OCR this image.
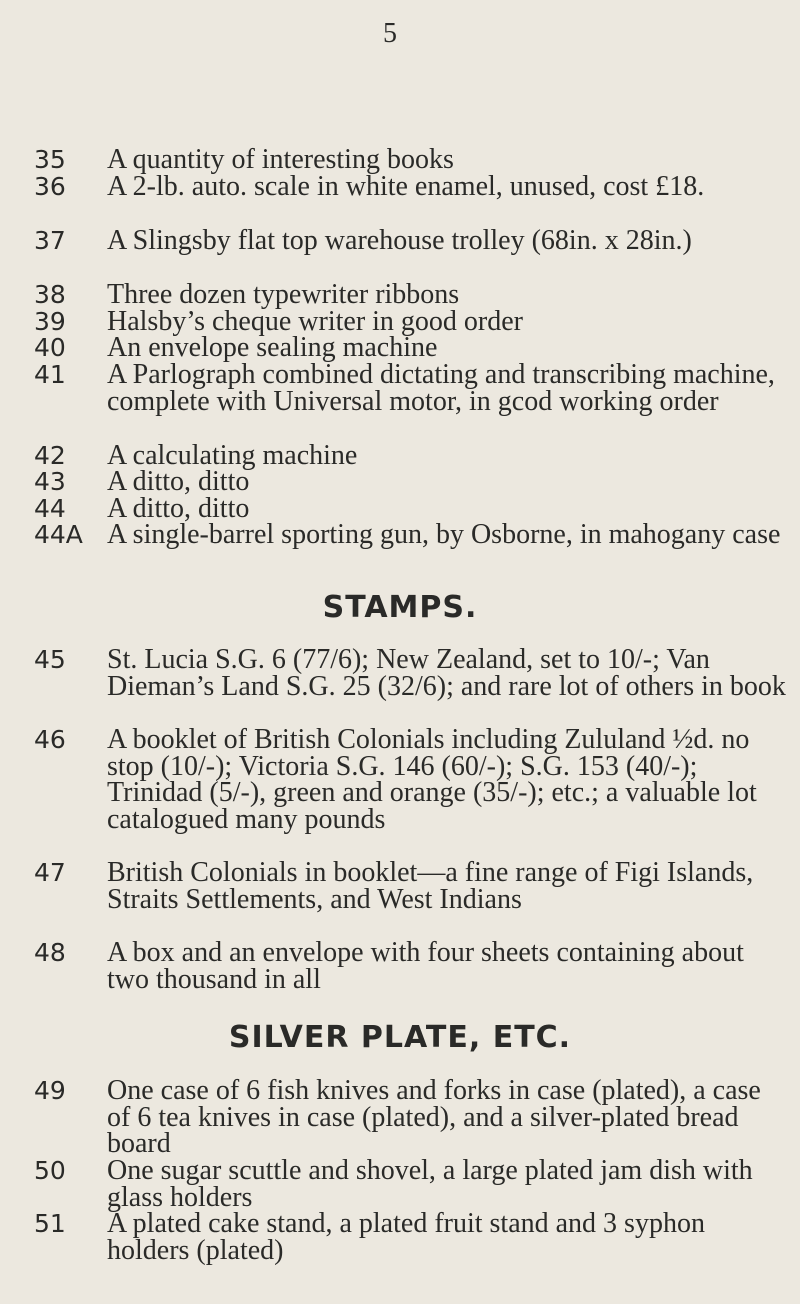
5
35 A quantity of interesting books
36 A 2-lb. auto. scale in white enamel, unused, cost £18.
37 A Slingsby flat top warehouse trolley (68in. x 28in.)
38 Three dozen typewriter ribbons
39 Halsby’s cheque writer in good order
40 An envelope sealing machine
41 A Parlograph combined dictating and transcribing machine, complete with Universal motor, in gcod working order
42 A calculating machine
43 A ditto, ditto
44 A ditto, ditto
44A A single-barrel sporting gun, by Osborne, in mahogany case
STAMPS.
45 St. Lucia S.G. 6 (77/6); New Zealand, set to 10/-; Van Dieman’s Land S.G. 25 (32/6); and rare lot of others in book
46 A booklet of British Colonials including Zululand ½d. no stop (10/-); Victoria S.G. 146 (60/-); S.G. 153 (40/-); Trinidad (5/-), green and orange (35/-); etc.; a valuable lot catalogued many pounds
47 British Colonials in booklet—a fine range of Figi Islands, Straits Settlements, and West Indians
48 A box and an envelope with four sheets containing about two thousand in all
SILVER PLATE, ETC.
49 One case of 6 fish knives and forks in case (plated), a case of 6 tea knives in case (plated), and a silver-plated bread board
50 One sugar scuttle and shovel, a large plated jam dish with glass holders
51 A plated cake stand, a plated fruit stand and 3 syphon holders (plated)
